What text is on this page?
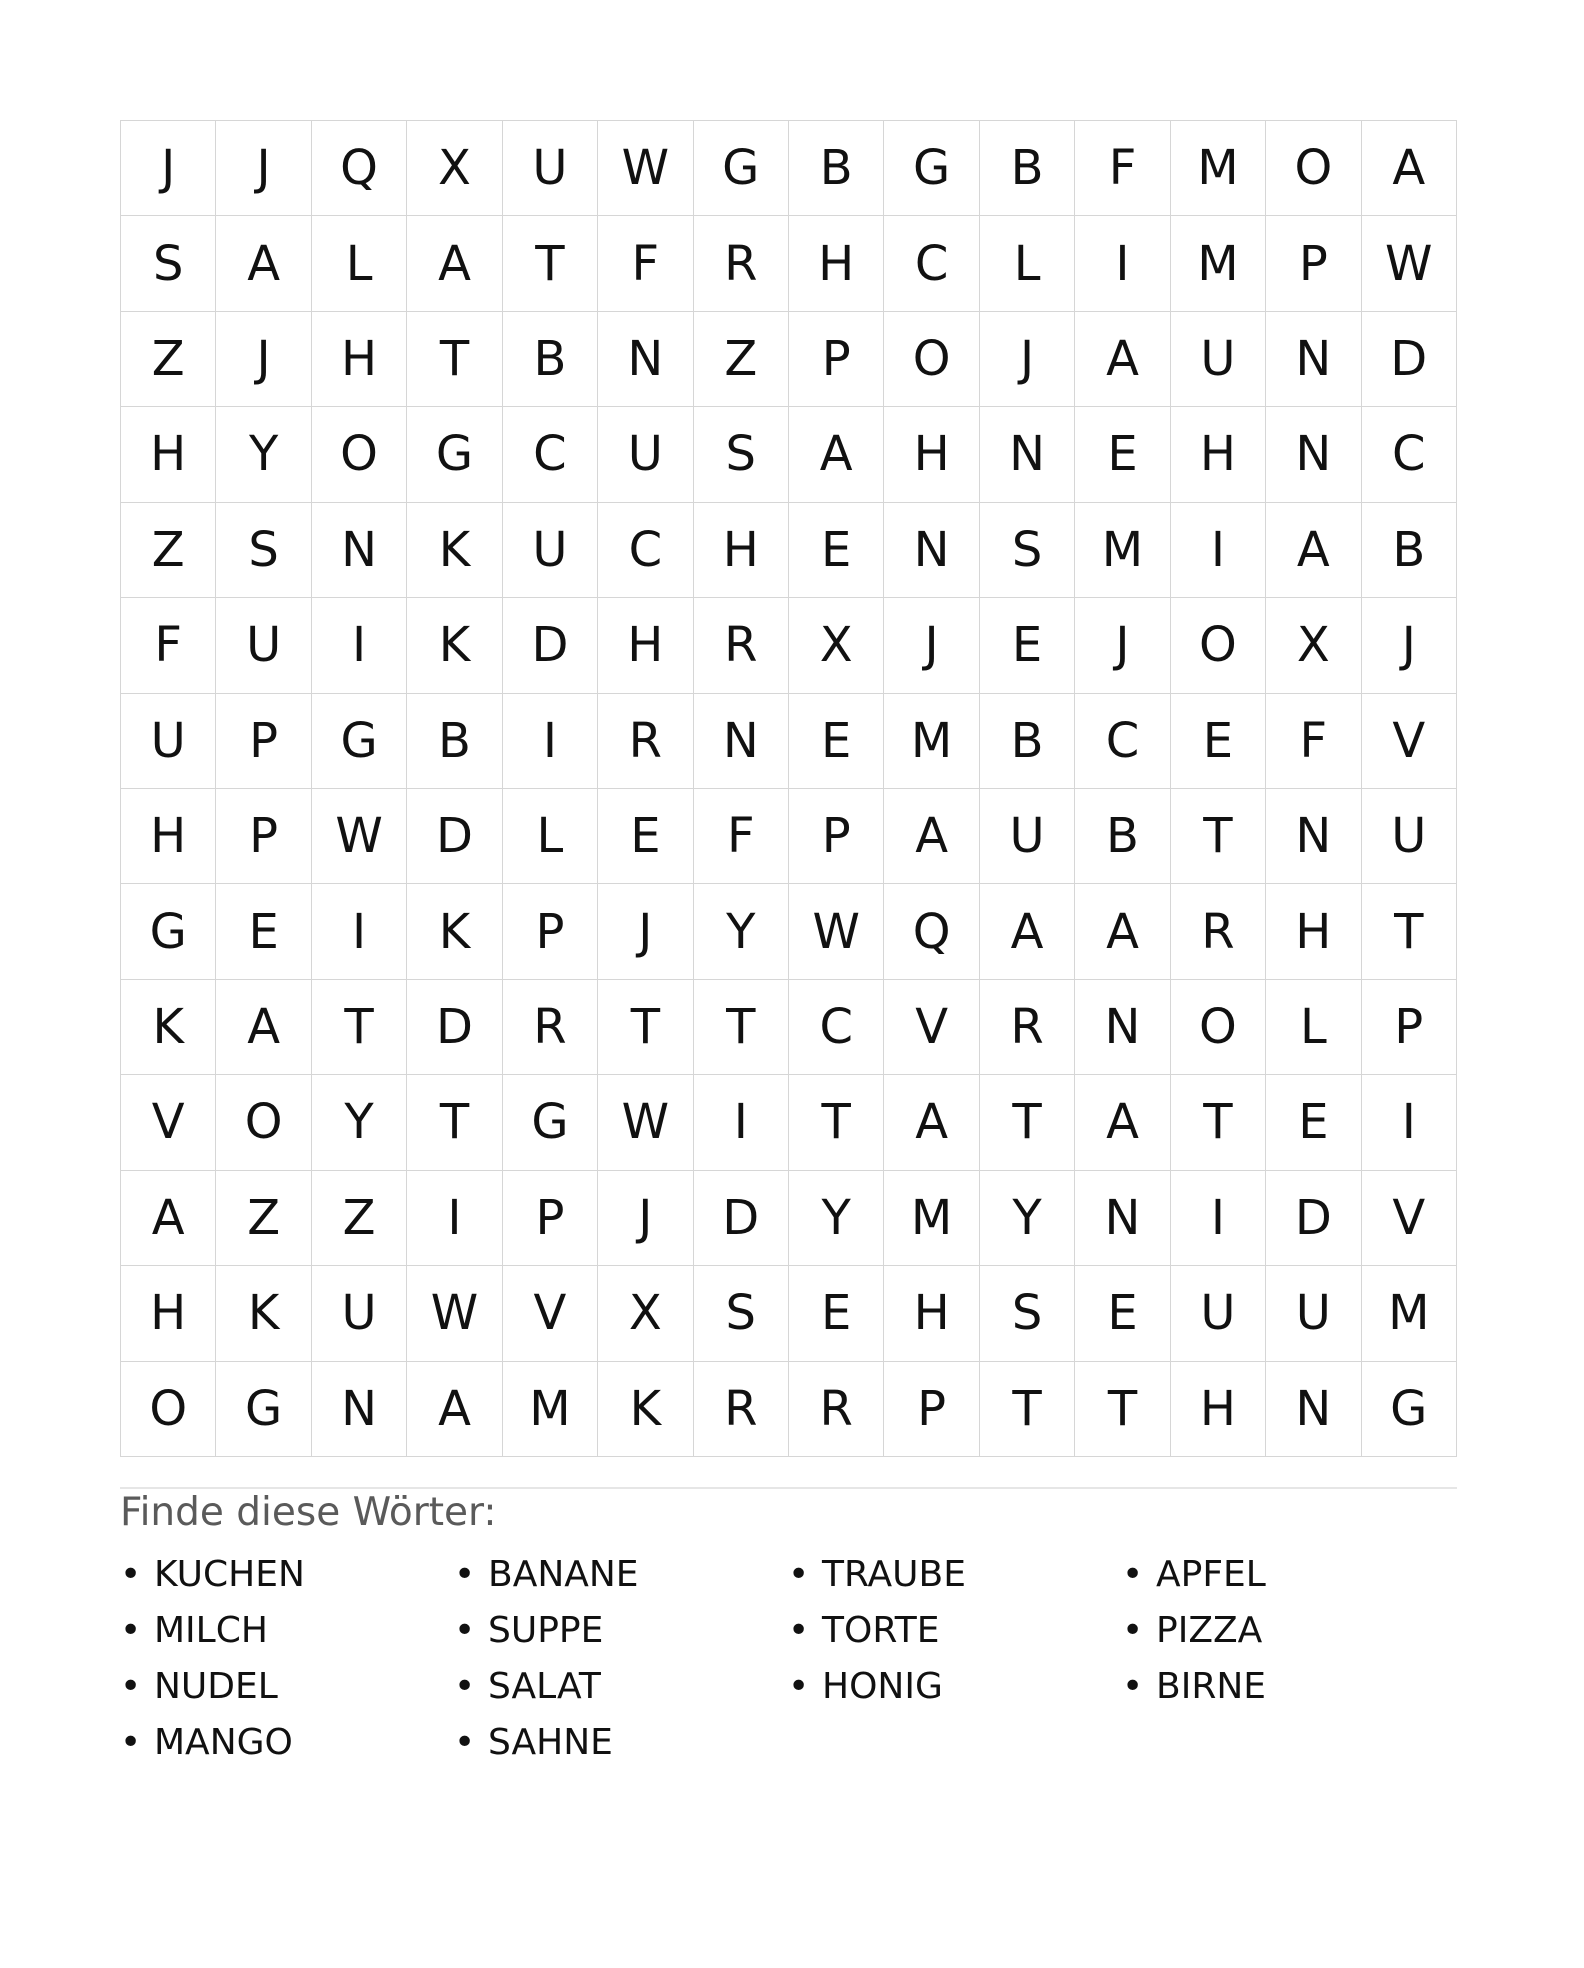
J	J	Q	X	U	W	G	B	G	B	F	M	O	A
S	A	L	A	T	F	R	H	C	L	I	M	P	W
Z	J	H	T	B	N	Z	P	O	J	A	U	N	D
H	Y	O	G	C	U	S	A	H	N	E	H	N	C
Z	S	N	K	U	C	H	E	N	S	M	I	A	B
F	U	I	K	D	H	R	X	J	E	J	O	X	J
U	P	G	B	I	R	N	E	M	B	C	E	F	V
H	P	W	D	L	E	F	P	A	U	B	T	N	U
G	E	I	K	P	J	Y	W	Q	A	A	R	H	T
K	A	T	D	R	T	T	C	V	R	N	O	L	P
V	O	Y	T	G	W	I	T	A	T	A	T	E	I
A	Z	Z	I	P	J	D	Y	M	Y	N	I	D	V
H	K	U	W	V	X	S	E	H	S	E	U	U	M
O	G	N	A	M	K	R	R	P	T	T	H	N	G
Finde diese Wörter:
• KUCHEN	• BANANE	• TRAUBE	• APFEL
• MILCH	• SUPPE	• TORTE	• PIZZA
• NUDEL	• SALAT	• HONIG	• BIRNE
• MANGO	• SAHNE
